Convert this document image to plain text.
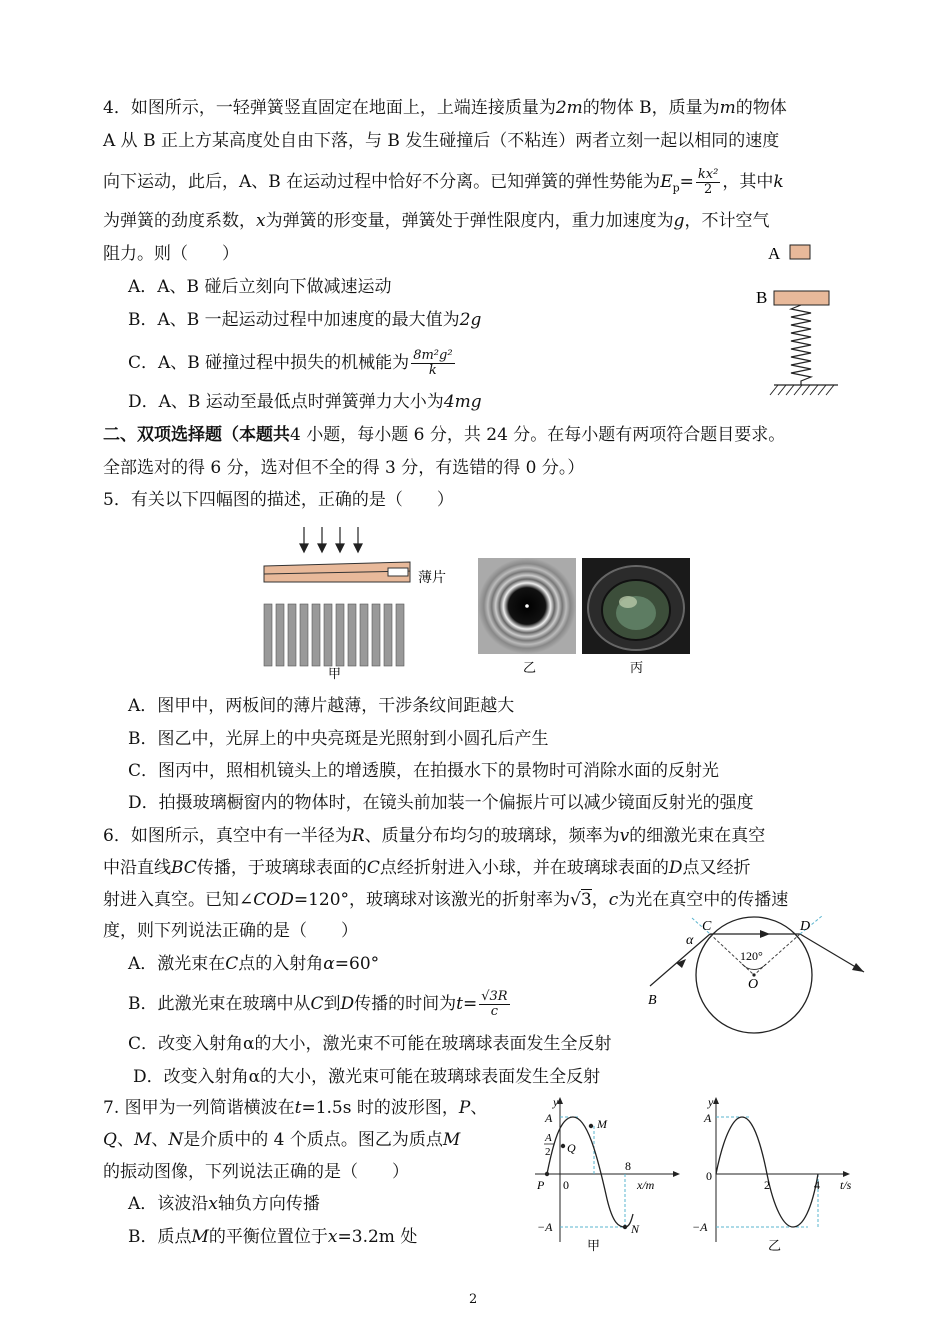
4．如图所示，一轻弹簧竖直固定在地面上，上端连接质量为2m的物体 B，质量为m的物体
A 从 B 正上方某高度处自由下落，与 B 发生碰撞后（不粘连）两者立刻一起以相同的速度
向下运动，此后，A、B 在运动过程中恰好不分离。已知弹簧的弹性势能为$E_p= \frac{\text{kx²}}{2}$ ，其中k
为弹簧的劲度系数，x为弹簧的形变量，弹簧处于弹性限度内，重力加速度为g，不计空气
阻力。则（　　）
A．A、B 碰后立刻向下做减速运动
B．A、B 一起运动过程中加速度的最大值为2g
C．A、B 碰撞过程中损失的机械能为 $\frac{\text{8m²g²}}{k}$
D．A、B 运动至最低点时弹簧弹力大小为4mg
A
B
二、双项选择题（本题共4 小题，每小题 6 分，共 24 分。在每小题有两项符合题目要求。
全部选对的得 6 分，选对但不全的得 3 分，有选错的得 0 分。）
5．有关以下四幅图的描述，正确的是（　　）
薄片
甲	乙	丙
A．图甲中，两板间的薄片越薄，干涉条纹间距越大
B．图乙中，光屏上的中央亮斑是光照射到小圆孔后产生
C．图丙中，照相机镜头上的增透膜，在拍摄水下的景物时可消除水面的反射光
D．拍摄玻璃橱窗内的物体时，在镜头前加装一个偏振片可以减少镜面反射光的强度
6．如图所示，真空中有一半径为R、质量分布均匀的玻璃球，频率为v的细激光束在真空
中沿直线BC传播，于玻璃球表面的C点经折射进入小球，并在玻璃球表面的D点又经折
射进入真空。已知∠COD=120°，玻璃球对该激光的折射率为√3，c为光在真空中的传播速
度，则下列说法正确的是（　　）
A．激光束在C点的入射角α=60°
B．此激光束在玻璃中从C到D传播的时间为$t= \frac{√3R}{c}$
C．改变入射角α的大小，激光束不可能在玻璃球表面发生全反射
D．改变入射角α的大小，激光束可能在玻璃球表面发生全反射
α
C	D
120°
O
B
7. 图甲为一列简谐横波在t=1.5s 时的波形图，P、
Q、M、N是介质中的 4 个质点。图乙为质点M
的振动图像，下列说法正确的是（　　）
A．该波沿x轴负方向传播
B．质点M的平衡位置位于x=3.2m 处
y
A
A
2 Q
M
P 0
8
x/m
−A	N
甲
y
A
0
2	4 t/s
−A
乙
2
